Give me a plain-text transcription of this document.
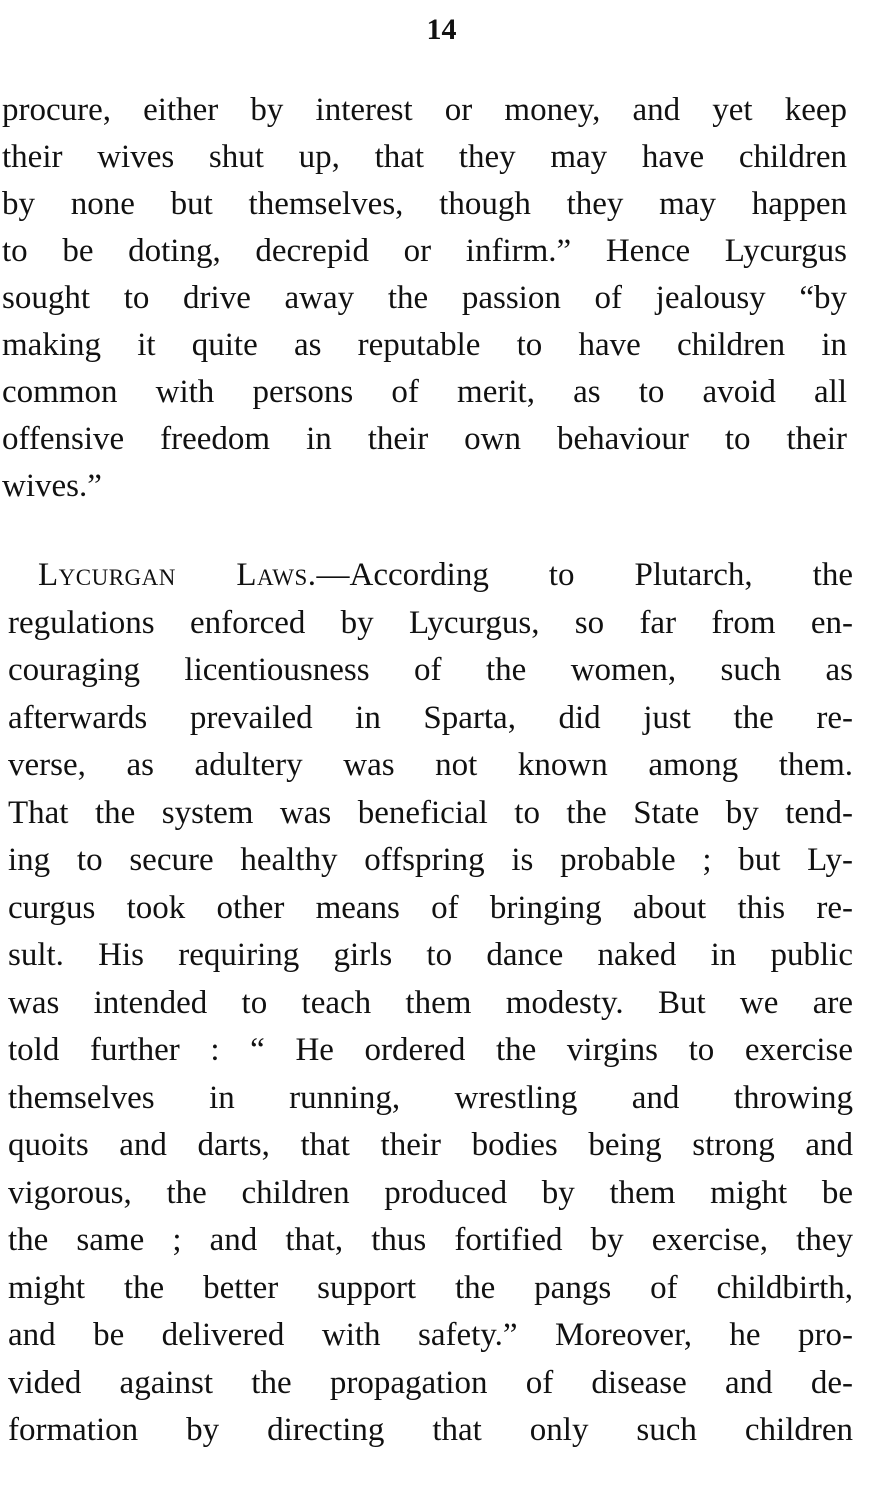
14
procure, either by interest or money, and yet keep
their wives shut up, that they may have children
by none but themselves, though they may happen
to be doting, decrepid or infirm.” Hence Lycurgus
sought to drive away the passion of jealousy “by
making it quite as reputable to have children in
common with persons of merit, as to avoid all
offensive freedom in their own behaviour to their
wives.”
Lycurgan Laws.—According to Plutarch, the
regulations enforced by Lycurgus, so far from en-
couraging licentiousness of the women, such as
afterwards prevailed in Sparta, did just the re-
verse, as adultery was not known among them.
That the system was beneficial to the State by tend-
ing to secure healthy offspring is probable ; but Ly-
curgus took other means of bringing about this re-
sult. His requiring girls to dance naked in public
was intended to teach them modesty. But we are
told further : “ He ordered the virgins to exercise
themselves in running, wrestling and throwing
quoits and darts, that their bodies being strong and
vigorous, the children produced by them might be
the same ; and that, thus fortified by exercise, they
might the better support the pangs of childbirth,
and be delivered with safety.” Moreover, he pro-
vided against the propagation of disease and de-
formation by directing that only such children
